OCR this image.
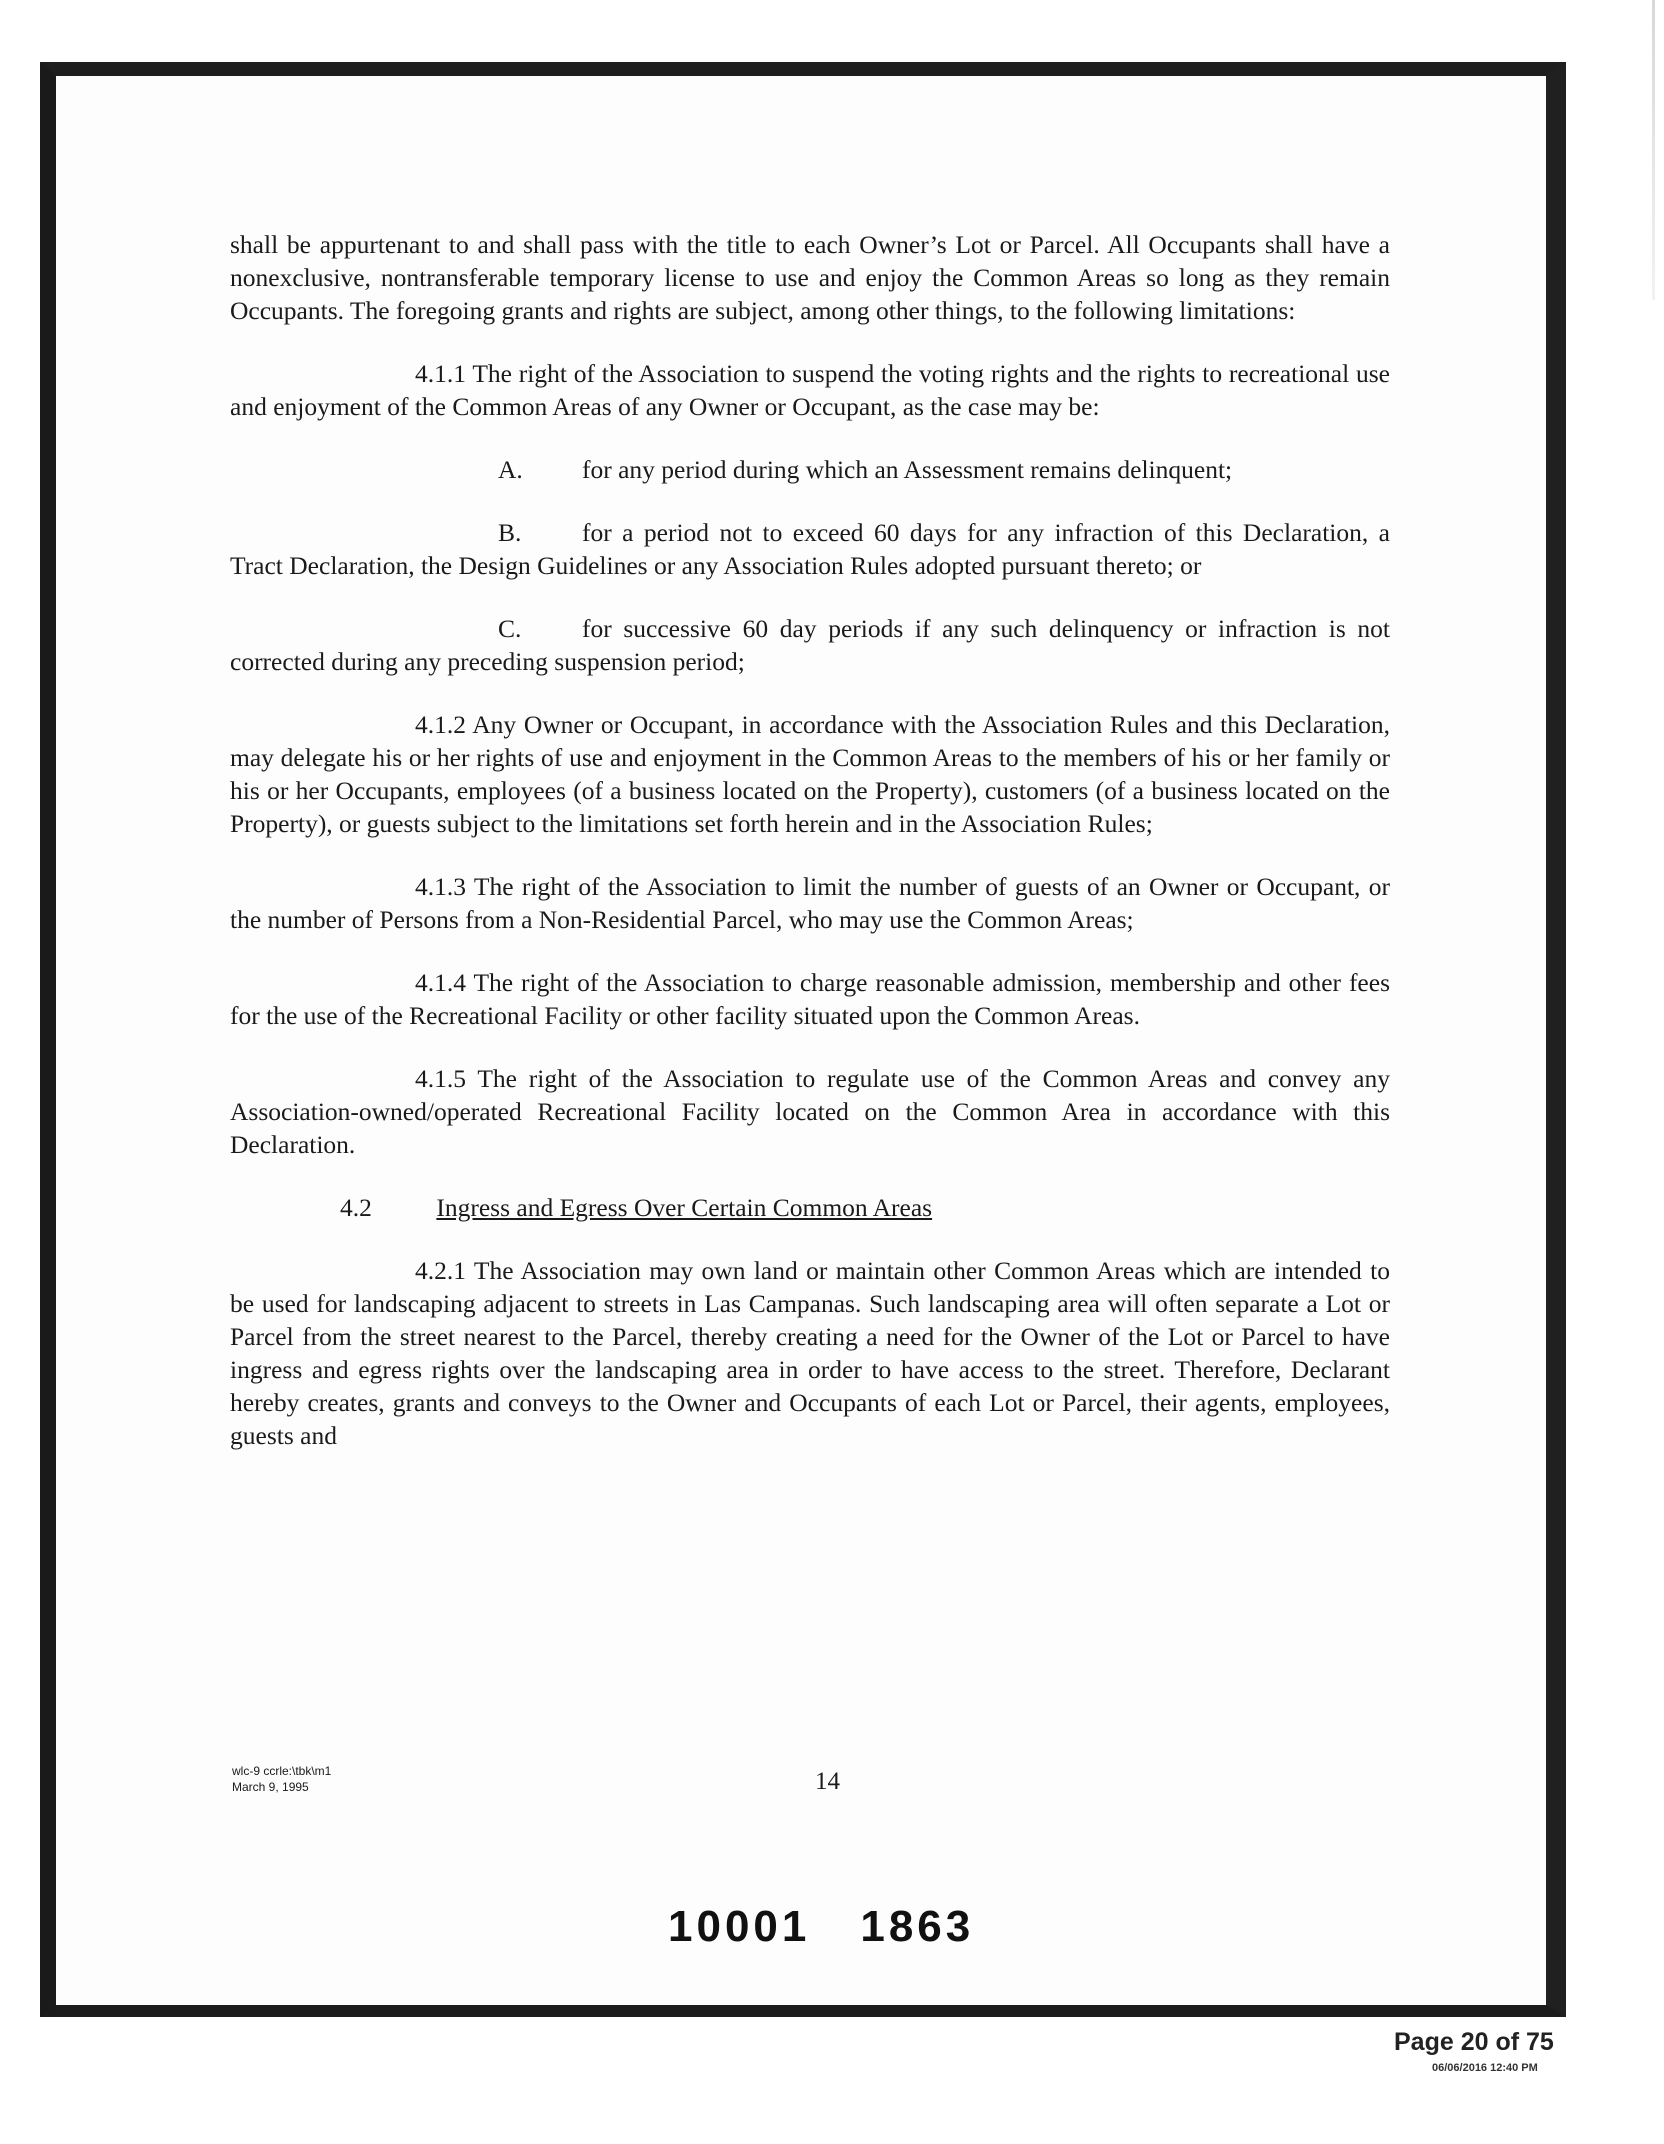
shall be appurtenant to and shall pass with the title to each Owner’s Lot or Parcel. All Occupants shall have a nonexclusive, nontransferable temporary license to use and enjoy the Common Areas so long as they remain Occupants. The foregoing grants and rights are subject, among other things, to the following limitations:

4.1.1 The right of the Association to suspend the voting rights and the rights to recreational use and enjoyment of the Common Areas of any Owner or Occupant, as the case may be:

A.	for any period during which an Assessment remains delinquent;
B.	for a period not to exceed 60 days for any infraction of this Declaration, a Tract Declaration, the Design Guidelines or any Association Rules adopted pursuant thereto; or
C.	for successive 60 day periods if any such delinquency or infraction is not corrected during any preceding suspension period;

4.1.2 Any Owner or Occupant, in accordance with the Association Rules and this Declaration, may delegate his or her rights of use and enjoyment in the Common Areas to the members of his or her family or his or her Occupants, employees (of a business located on the Property), customers (of a business located on the Property), or guests subject to the limitations set forth herein and in the Association Rules;

4.1.3 The right of the Association to limit the number of guests of an Owner or Occupant, or the number of Persons from a Non-Residential Parcel, who may use the Common Areas;

4.1.4 The right of the Association to charge reasonable admission, membership and other fees for the use of the Recreational Facility or other facility situated upon the Common Areas.

4.1.5 The right of the Association to regulate use of the Common Areas and convey any Association-owned/operated Recreational Facility located on the Common Area in accordance with this Declaration.

4.2	Ingress and Egress Over Certain Common Areas

4.2.1 The Association may own land or maintain other Common Areas which are intended to be used for landscaping adjacent to streets in Las Campanas. Such landscaping area will often separate a Lot or Parcel from the street nearest to the Parcel, thereby creating a need for the Owner of the Lot or Parcel to have ingress and egress rights over the landscaping area in order to have access to the street. Therefore, Declarant hereby creates, grants and conveys to the Owner and Occupants of each Lot or Parcel, their agents, employees, guests and

wlc-9 ccrle:\tbk\m1
March 9, 1995	14
10001 1863
Page 20 of 75
06/06/2016 12:40 PM
